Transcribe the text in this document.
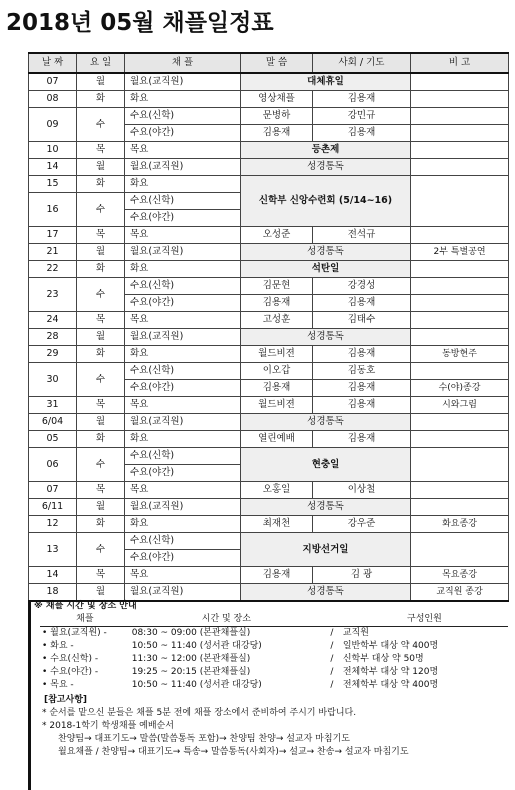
2018년 05월 채플일정표
날 짜	요 일	채 플	말 씀	사회 / 기도	비 고
07	월	월요(교직원)	대체휴일		
08	화	화요	영상채플	김용재	
09	수	수요(신학)	문병하	강민규	
		수요(야간)	김용재	김용재	
10	목	목요	등촌제		
14	월	월요(교직원)	성경통독		
15	화	화요	신학부 신앙수련회 (5/14~16)		
16	수	수요(신학)			
		수요(야간)			
17	목	목요	오성준	전석규	
21	월	월요(교직원)	성경통독		2부 특별공연
22	화	화요	석탄일		
23	수	수요(신학)	김문현	강경성	
		수요(야간)	김용재	김용재	
24	목	목요	고성훈	김태수	
28	월	월요(교직원)	성경통독		
29	화	화요	월드비젼	김용재	동방현주
30	수	수요(신학)	이오갑	김동호	
		수요(야간)	김용재	김용재	수(야)종강
31	목	목요	월드비젼	김용재	시와그림
6/04	월	월요(교직원)	성경통독		
05	화	화요	열린예배	김용재	
06	수	수요(신학)	현충일		
		수요(야간)			
07	목	목요	오홍일	이상철	
6/11	월	월요(교직원)	성경통독		
12	화	화요	최재천	강우준	화요종강
13	수	수요(신학)	지방선거일		
		수요(야간)			
14	목	목요	김용재	김 광	목요종강
18	월	월요(교직원)	성경통독		교직원 종강
※ 채플 시간 및 장소 안내
채플	시간 및 장소		구성인원
• 월요(교직원) -	08:30 ~ 09:00 (본관채플실)	/	교직원
• 화요 -	10:50 ~ 11:40 (성서관 대강당)	/	일반학부 대상 약 400명
• 수요(신학) -	11:30 ~ 12:00 (본관채플실)	/	신학부 대상 약 50명
• 수요(야간) -	19:25 ~ 20:15 (본관채플실)	/	전체학부 대상 약 120명
• 목요 -	10:50 ~ 11:40 (성서관 대강당)	/	전체학부 대상 약 400명
[참고사항]
* 순서를 맡으신 분들은 채플 5분 전에 채플 장소에서 준비하여 주시기 바랍니다.
* 2018-1학기 학생채플 예배순서
찬양팀→ 대표기도→ 말씀(말씀통독 포함)→ 찬양팀 찬양→ 설교자 마침기도
월요채플 / 찬양팀→ 대표기도→ 특송→ 말씀통독(사회자)→ 설교→ 찬송→ 설교자 마침기도
